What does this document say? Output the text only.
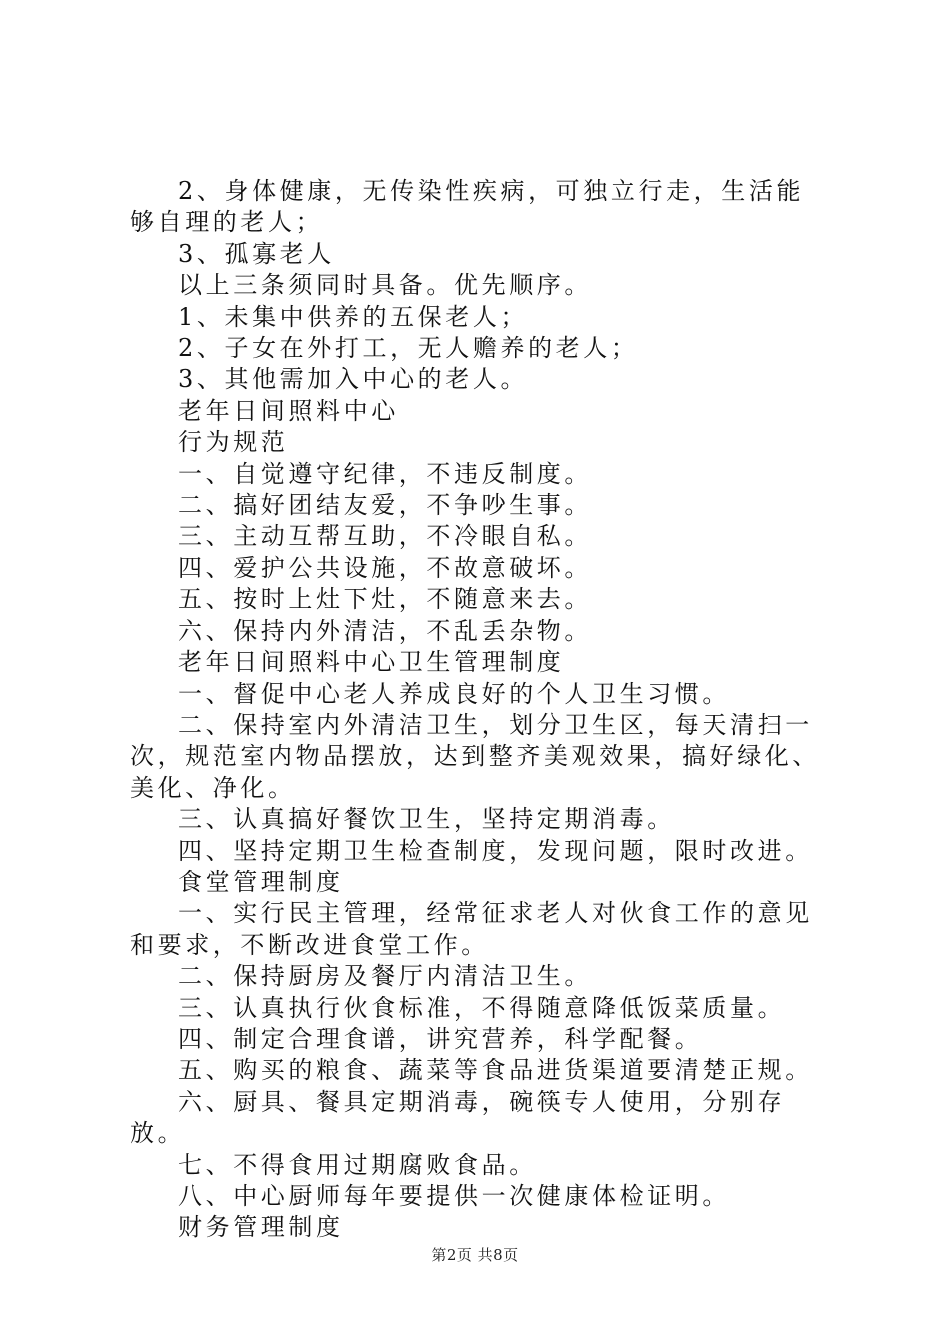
2、身体健康，无传染性疾病，可独立行走，生活能够自理的老人；

3、孤寡老人

以上三条须同时具备。优先顺序。

1、未集中供养的五保老人；

2、子女在外打工，无人赡养的老人；

3、其他需加入中心的老人。

老年日间照料中心

行为规范

一、自觉遵守纪律，不违反制度。

二、搞好团结友爱，不争吵生事。

三、主动互帮互助，不冷眼自私。

四、爱护公共设施，不故意破坏。

五、按时上灶下灶，不随意来去。

六、保持内外清洁，不乱丢杂物。

老年日间照料中心卫生管理制度

一、督促中心老人养成良好的个人卫生习惯。

二、保持室内外清洁卫生，划分卫生区，每天清扫一次，规范室内物品摆放，达到整齐美观效果，搞好绿化、美化、净化。

三、认真搞好餐饮卫生，坚持定期消毒。

四、坚持定期卫生检查制度，发现问题，限时改进。

食堂管理制度

一、实行民主管理，经常征求老人对伙食工作的意见和要求，不断改进食堂工作。

二、保持厨房及餐厅内清洁卫生。

三、认真执行伙食标准，不得随意降低饭菜质量。

四、制定合理食谱，讲究营养，科学配餐。

五、购买的粮食、蔬菜等食品进货渠道要清楚正规。

六、厨具、餐具定期消毒，碗筷专人使用，分别存放。

七、不得食用过期腐败食品。

八、中心厨师每年要提供一次健康体检证明。

财务管理制度

第2页 共8页
